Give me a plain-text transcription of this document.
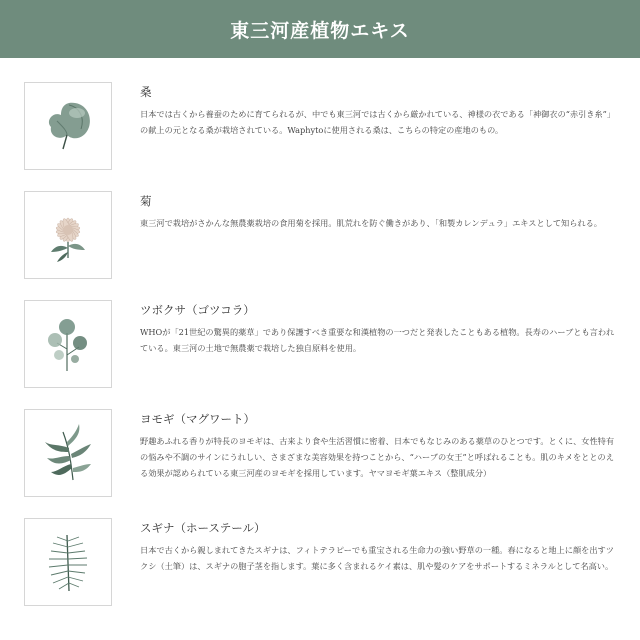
東三河産植物エキス
桑

日本では古くから養蚕のために育てられるが、中でも東三河では古くから厳かれている、神様の衣である「神御衣の“赤引き糸”」の献上の元となる桑が栽培されている。Waphytoに使用される桑は、こちらの特定の産地のもの。

菊

東三河で栽培がさかんな無農薬栽培の食用菊を採用。肌荒れを防ぐ働きがあり、「和製カレンデュラ」エキスとして知られる。

ツボクサ（ゴツコラ）

WHOが「21世紀の驚異的薬草」であり保護すべき重要な和漢植物の一つだと発表したこともある植物。長寿のハーブとも言われている。東三河の土地で無農薬で栽培した独自原料を使用。

ヨモギ（マグワート）

野趣あふれる香りが特長のヨモギは、古来より食や生活習慣に密着、日本でもなじみのある薬草のひとつです。とくに、女性特有の悩みや不調のサインにうれしい、さまざまな美容効果を持つことから、“ハーブの女王”と呼ばれることも。肌のキメをととのえる効果が認められている東三河産のヨモギを採用しています。ヤマヨモギ葉エキス（整肌成分）

スギナ（ホーステール）

日本で古くから親しまれてきたスギナは、フィトテラピーでも重宝される生命力の強い野草の一種。春になると地上に顔を出すツクシ（土筆）は、スギナの胞子茎を指します。葉に多く含まれるケイ素は、肌や髪のケアをサポートするミネラルとして名高い。
